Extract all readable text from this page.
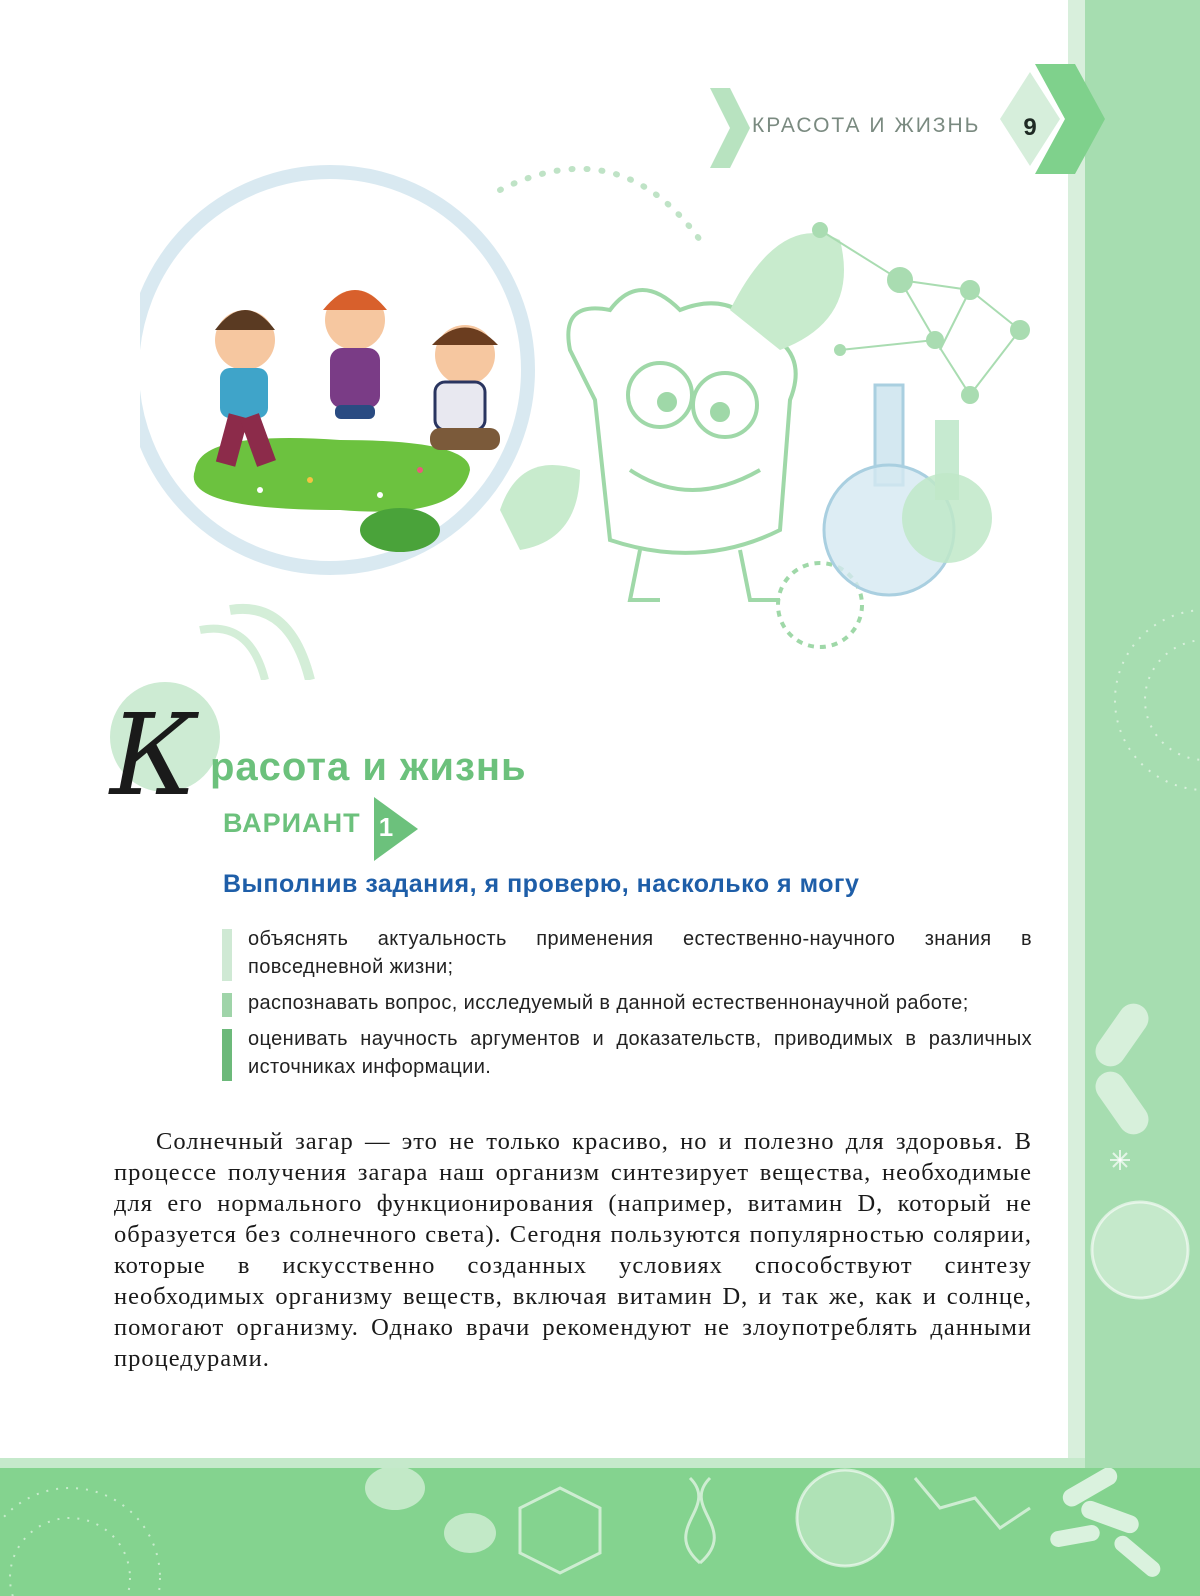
КРАСОТА И ЖИЗНЬ	9
К расота и жизнь
ВАРИАНТ 1
Выполнив задания, я проверю, насколько я могу
объяснять актуальность применения естественно-научного знания в повседневной жизни;
распознавать вопрос, исследуемый в данной естественнонаучной работе;
оценивать научность аргументов и доказательств, приводимых в различных источниках информации.

Солнечный загар — это не только красиво, но и полезно для здоровья. В процессе получения загара наш организм синтезирует вещества, необходимые для его нормального функционирования (например, витамин D, который не образуется без солнечного света). Сегодня пользуются популярностью солярии, которые в искусственно созданных условиях способствуют синтезу необходимых организму веществ, включая витамин D, и так же, как и солнце, помогают организму. Однако врачи рекомендуют не злоупотреблять данными процедурами.
